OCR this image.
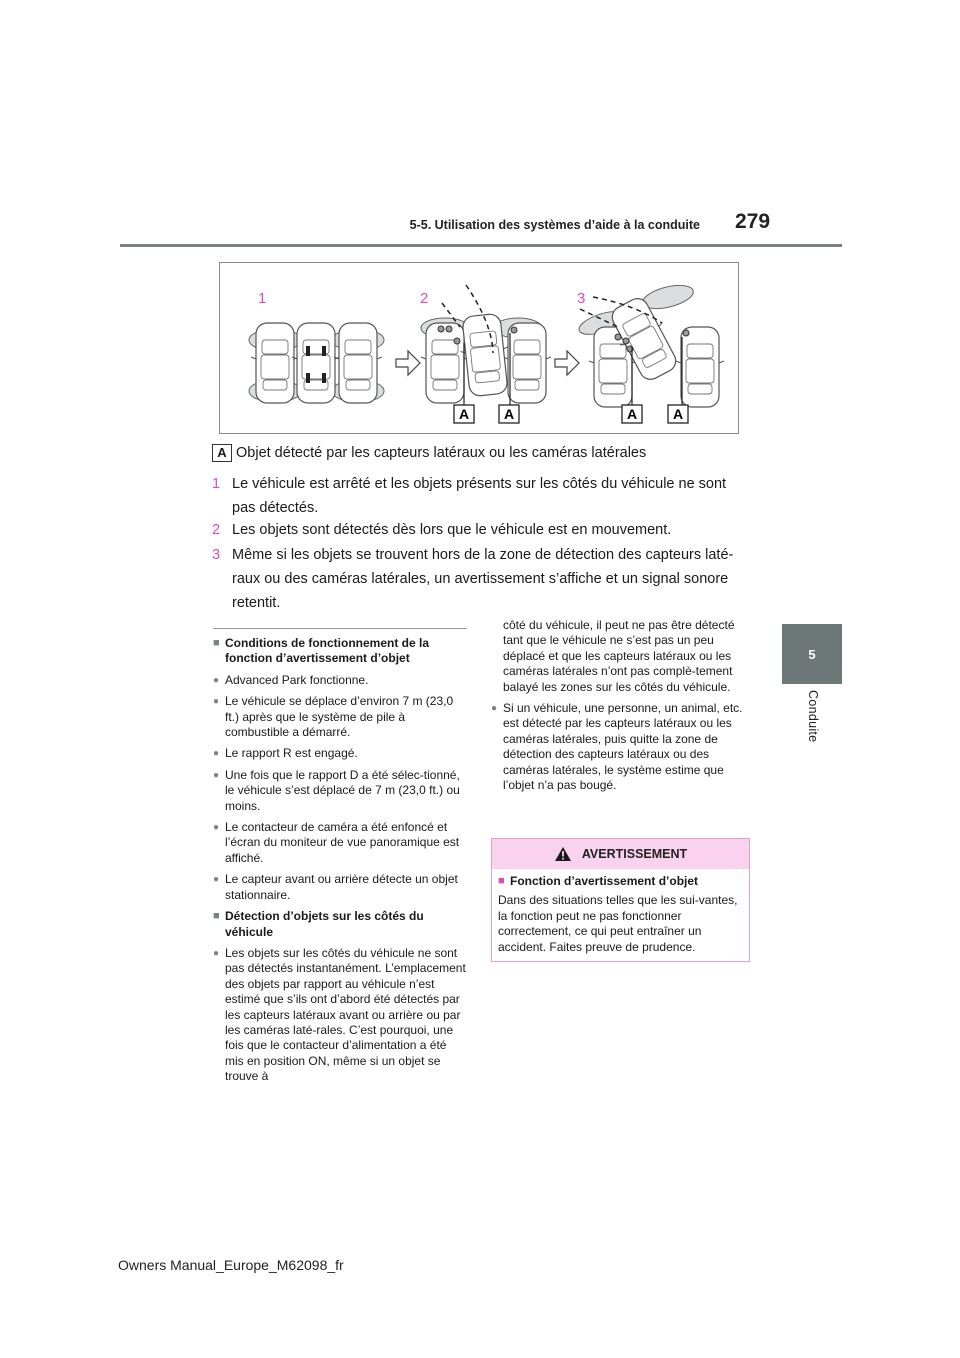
5-5. Utilisation des systèmes d’aide à la conduite 279
5
Conduite
1	2	3
A A	A	A
A Objet détecté par les capteurs latéraux ou les caméras latérales
1 Le véhicule est arrêté et les objets présents sur les côtés du véhicule ne sont pas détectés.
2 Les objets sont détectés dès lors que le véhicule est en mouvement.
3 Même si les objets se trouvent hors de la zone de détection des capteurs laté-raux ou des caméras latérales, un avertissement s’affiche et un signal sonore retentit.
■ Conditions de fonctionnement de la fonction d’avertissement d’objet
● Advanced Park fonctionne.
● Le véhicule se déplace d’environ 7 m (23,0 ft.) après que le système de pile à combustible a démarré.
● Le rapport R est engagé.
● Une fois que le rapport D a été sélec-tionné, le véhicule s’est déplacé de 7 m (23,0 ft.) ou moins.
● Le contacteur de caméra a été enfoncé et l’écran du moniteur de vue panoramique est affiché.
● Le capteur avant ou arrière détecte un objet stationnaire.
■ Détection d’objets sur les côtés du véhicule
● Les objets sur les côtés du véhicule ne sont pas détectés instantanément. L’emplacement des objets par rapport au véhicule n’est estimé que s’ils ont d’abord été détectés par les capteurs latéraux avant ou arrière ou par les caméras laté-rales. C’est pourquoi, une fois que le contacteur d’alimentation a été mis en position ON, même si un objet se trouve à
côté du véhicule, il peut ne pas être détecté tant que le véhicule ne s’est pas un peu déplacé et que les capteurs latéraux ou les caméras latérales n’ont pas complè-tement balayé les zones sur les côtés du véhicule.
● Si un véhicule, une personne, un animal, etc. est détecté par les capteurs latéraux ou les caméras latérales, puis quitte la zone de détection des capteurs latéraux ou des caméras latérales, le système estime que l’objet n’a pas bougé.
AVERTISSEMENT
■ Fonction d’avertissement d’objet
Dans des situations telles que les sui-vantes, la fonction peut ne pas fonctionner correctement, ce qui peut entraîner un accident. Faites preuve de prudence.
Owners Manual_Europe_M62098_fr
